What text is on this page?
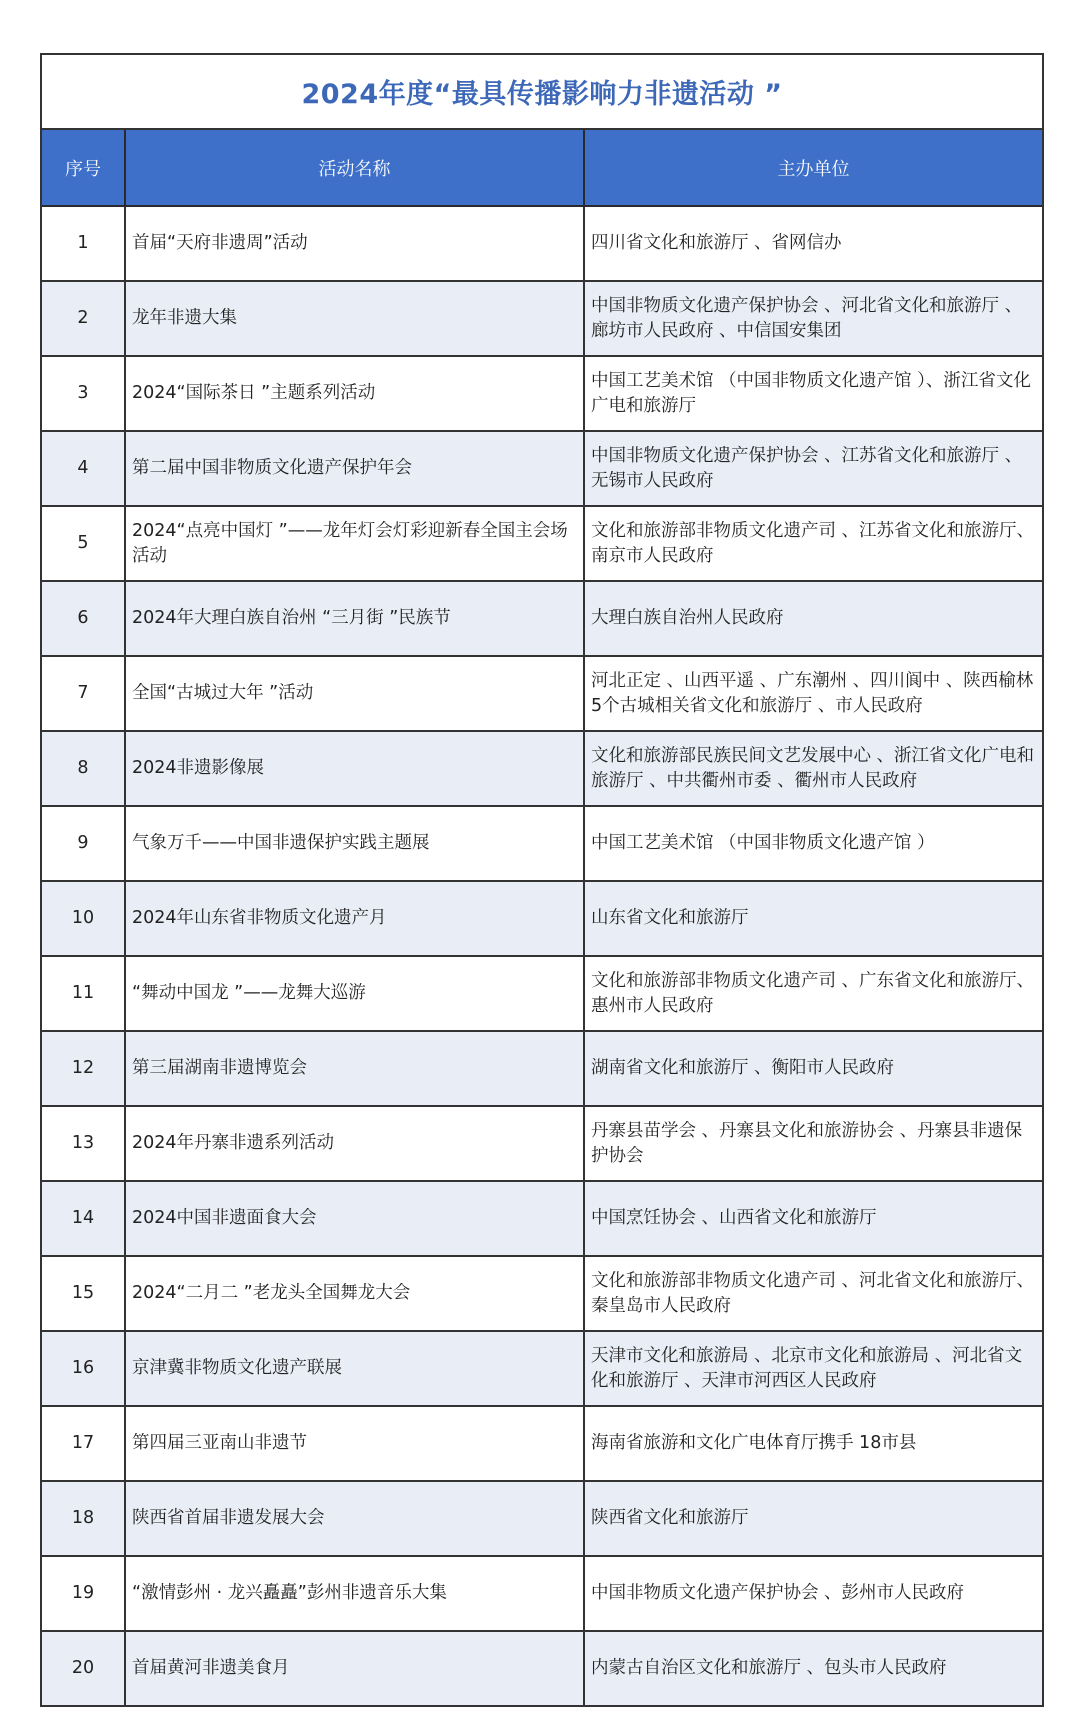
2024年度“最具传播影响力非遗活动 ”
序号	活动名称	主办单位
1	首届“天府非遗周”活动	四川省文化和旅游厅 、省网信办
2	龙年非遗大集	中国非物质文化遗产保护协会 、河北省文化和旅游厅 、廊坊市人民政府 、中信国安集团
3	2024“国际茶日 ”主题系列活动	中国工艺美术馆 （中国非物质文化遗产馆 ）、浙江省文化广电和旅游厅
4	第二届中国非物质文化遗产保护年会	中国非物质文化遗产保护协会 、江苏省文化和旅游厅 、无锡市人民政府
5	2024“点亮中国灯 ”——龙年灯会灯彩迎新春全国主会场活动	文化和旅游部非物质文化遗产司 、江苏省文化和旅游厅、南京市人民政府
6	2024年大理白族自治州 “三月街 ”民族节	大理白族自治州人民政府
7	全国“古城过大年 ”活动	河北正定 、山西平遥 、广东潮州 、四川阆中 、陕西榆林5个古城相关省文化和旅游厅 、市人民政府
8	2024非遗影像展	文化和旅游部民族民间文艺发展中心 、浙江省文化广电和旅游厅 、中共衢州市委 、衢州市人民政府
9	气象万千——中国非遗保护实践主题展	中国工艺美术馆 （中国非物质文化遗产馆 ）
10	2024年山东省非物质文化遗产月	山东省文化和旅游厅
11	“舞动中国龙 ”——龙舞大巡游	文化和旅游部非物质文化遗产司 、广东省文化和旅游厅、惠州市人民政府
12	第三届湖南非遗博览会	湖南省文化和旅游厅 、衡阳市人民政府
13	2024年丹寨非遗系列活动	丹寨县苗学会 、丹寨县文化和旅游协会 、丹寨县非遗保护协会
14	2024中国非遗面食大会	中国烹饪协会 、山西省文化和旅游厅
15	2024“二月二 ”老龙头全国舞龙大会	文化和旅游部非物质文化遗产司 、河北省文化和旅游厅、秦皇岛市人民政府
16	京津冀非物质文化遗产联展	天津市文化和旅游局 、北京市文化和旅游局 、河北省文化和旅游厅 、天津市河西区人民政府
17	第四届三亚南山非遗节	海南省旅游和文化广电体育厅携手 18市县
18	陕西省首届非遗发展大会	陕西省文化和旅游厅
19	“激情彭州 · 龙兴矗矗”彭州非遗音乐大集	中国非物质文化遗产保护协会 、彭州市人民政府
20	首届黄河非遗美食月	内蒙古自治区文化和旅游厅 、包头市人民政府
